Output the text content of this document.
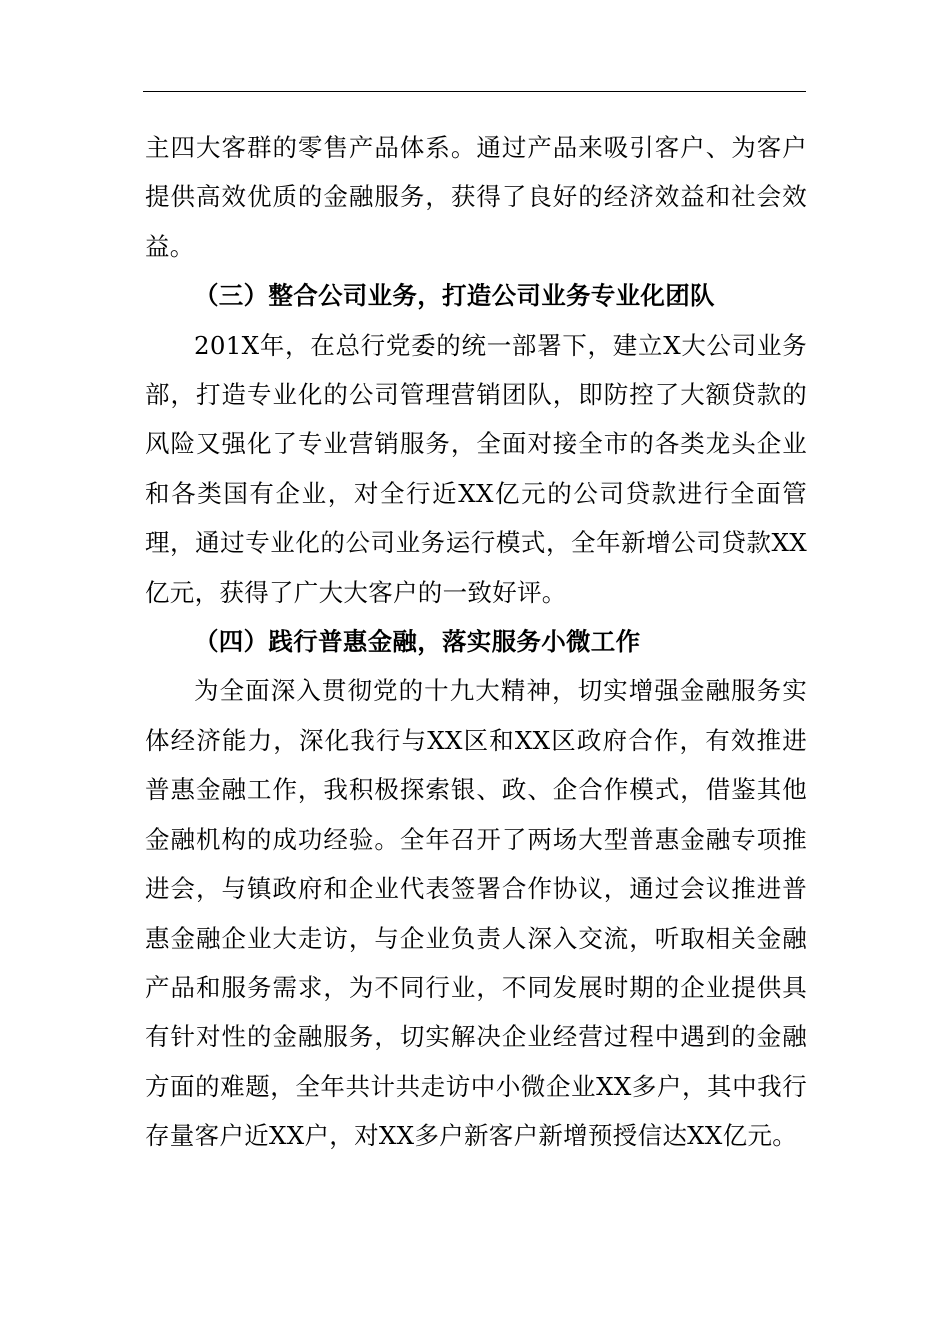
主四大客群的零售产品体系。通过产品来吸引客户、为客户提供高效优质的金融服务，获得了良好的经济效益和社会效益。

（三）整合公司业务，打造公司业务专业化团队

201X年，在总行党委的统一部署下，建立X大公司业务部，打造专业化的公司管理营销团队，即防控了大额贷款的风险又强化了专业营销服务，全面对接全市的各类龙头企业和各类国有企业，对全行近XX亿元的公司贷款进行全面管理，通过专业化的公司业务运行模式，全年新增公司贷款XX亿元，获得了广大大客户的一致好评。

（四）践行普惠金融，落实服务小微工作

为全面深入贯彻党的十九大精神，切实增强金融服务实体经济能力，深化我行与XX区和XX区政府合作，有效推进普惠金融工作，我积极探索银、政、企合作模式，借鉴其他金融机构的成功经验。全年召开了两场大型普惠金融专项推进会，与镇政府和企业代表签署合作协议，通过会议推进普惠金融企业大走访，与企业负责人深入交流，听取相关金融产品和服务需求，为不同行业，不同发展时期的企业提供具有针对性的金融服务，切实解决企业经营过程中遇到的金融方面的难题，全年共计共走访中小微企业XX多户，其中我行存量客户近XX户，对XX多户新客户新增预授信达XX亿元。
